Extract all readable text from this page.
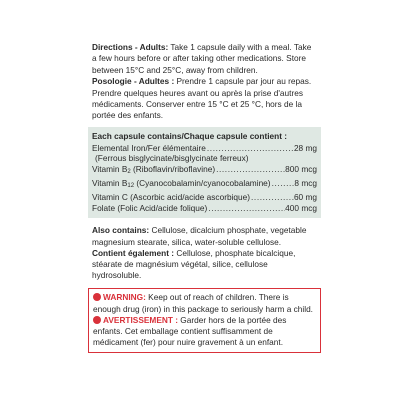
Directions - Adults: Take 1 capsule daily with a meal. Take a few hours before or after taking other medications. Store between 15°C and 25°C, away from children.

Posologie - Adultes : Prendre 1 capsule par jour au repas. Prendre quelques heures avant ou après la prise d'autres médicaments. Conserver entre 15 °C et 25 °C, hors de la portée des enfants.

Each capsule contains/Chaque capsule contient :
Elemental Iron/Fer élémentaire .....	28 mg
(Ferrous bisglycinate/bisglycinate ferreux)
Vitamin B2 (Riboflavin/riboflavine) .....	800 mcg
Vitamin B12 (Cyanocobalamin/cyanocobalamine) .....	8 mcg
Vitamin C (Ascorbic acid/acide ascorbique) .....	60 mg
Folate (Folic Acid/acide folique) .....	400 mcg

Also contains: Cellulose, dicalcium phosphate, vegetable magnesium stearate, silica, water-soluble cellulose.

Contient également : Cellulose, phosphate bicalcique, stéarate de magnésium végétal, silice, cellulose hydrosoluble.

WARNING: Keep out of reach of children. There is enough drug (iron) in this package to seriously harm a child.

AVERTISSEMENT : Garder hors de la portée des enfants. Cet emballage contient suffisamment de médicament (fer) pour nuire gravement à un enfant.
